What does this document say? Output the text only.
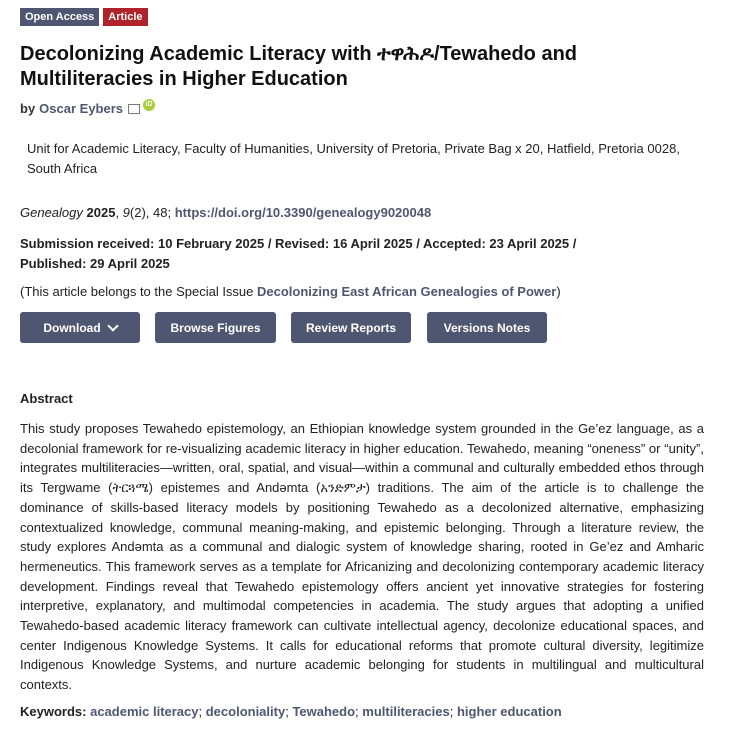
Open Access	Article
Decolonizing Academic Literacy with ተዋሕዶ/Tewahedo and Multiliteracies in Higher Education
by Oscar Eybers	iD
Unit for Academic Literacy, Faculty of Humanities, University of Pretoria, Private Bag x 20, Hatfield, Pretoria 0028, South Africa
Genealogy 2025, 9(2), 48; https://doi.org/10.3390/genealogy9020048
Submission received: 10 February 2025 / Revised: 16 April 2025 / Accepted: 23 April 2025 / Published: 29 April 2025
(This article belongs to the Special Issue Decolonizing East African Genealogies of Power)
Download	Browse Figures	Review Reports	Versions Notes
Abstract

This study proposes Tewahedo epistemology, an Ethiopian knowledge system grounded in the Ge’ez language, as a decolonial framework for re-visualizing academic literacy in higher education. Tewahedo, meaning “oneness” or “unity”, integrates multiliteracies—written, oral, spatial, and visual—within a communal and culturally embedded ethos through its Tergwame (ትርጓሜ) epistemes and Andəmta (አንድምታ) traditions. The aim of the article is to challenge the dominance of skills-based literacy models by positioning Tewahedo as a decolonized alternative, emphasizing contextualized knowledge, communal meaning-making, and epistemic belonging. Through a literature review, the study explores Andəmta as a communal and dialogic system of knowledge sharing, rooted in Ge’ez and Amharic hermeneutics. This framework serves as a template for Africanizing and decolonizing contemporary academic literacy development. Findings reveal that Tewahedo epistemology offers ancient yet innovative strategies for fostering interpretive, explanatory, and multimodal competencies in academia. The study argues that adopting a unified Tewahedo-based academic literacy framework can cultivate intellectual agency, decolonize educational spaces, and center Indigenous Knowledge Systems. It calls for educational reforms that promote cultural diversity, legitimize Indigenous Knowledge Systems, and nurture academic belonging for students in multilingual and multicultural contexts.

Keywords: academic literacy; decoloniality; Tewahedo; multiliteracies; higher education
